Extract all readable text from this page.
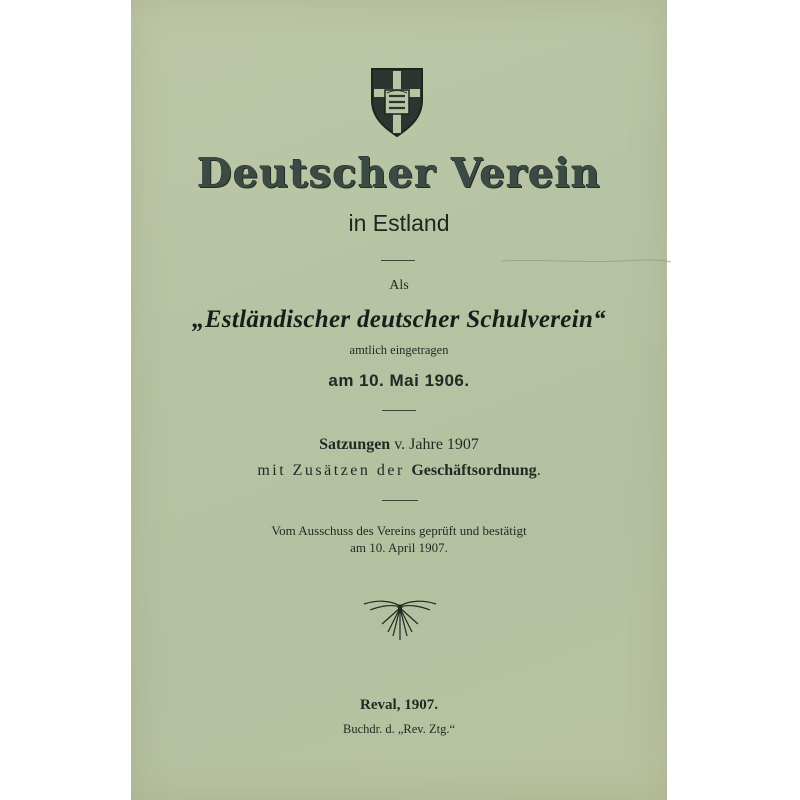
Deutscher Verein
in Estland
Als
„Estländischer deutscher Schulverein“
amtlich eingetragen
am 10. Mai 1906.
Satzungen v. Jahre 1907
mit Zusätzen der Geschäftsordnung.
Vom Ausschuss des Vereins geprüft und bestätigt
am 10. April 1907.
Reval, 1907.
Buchdr. d. „Rev. Ztg.“
